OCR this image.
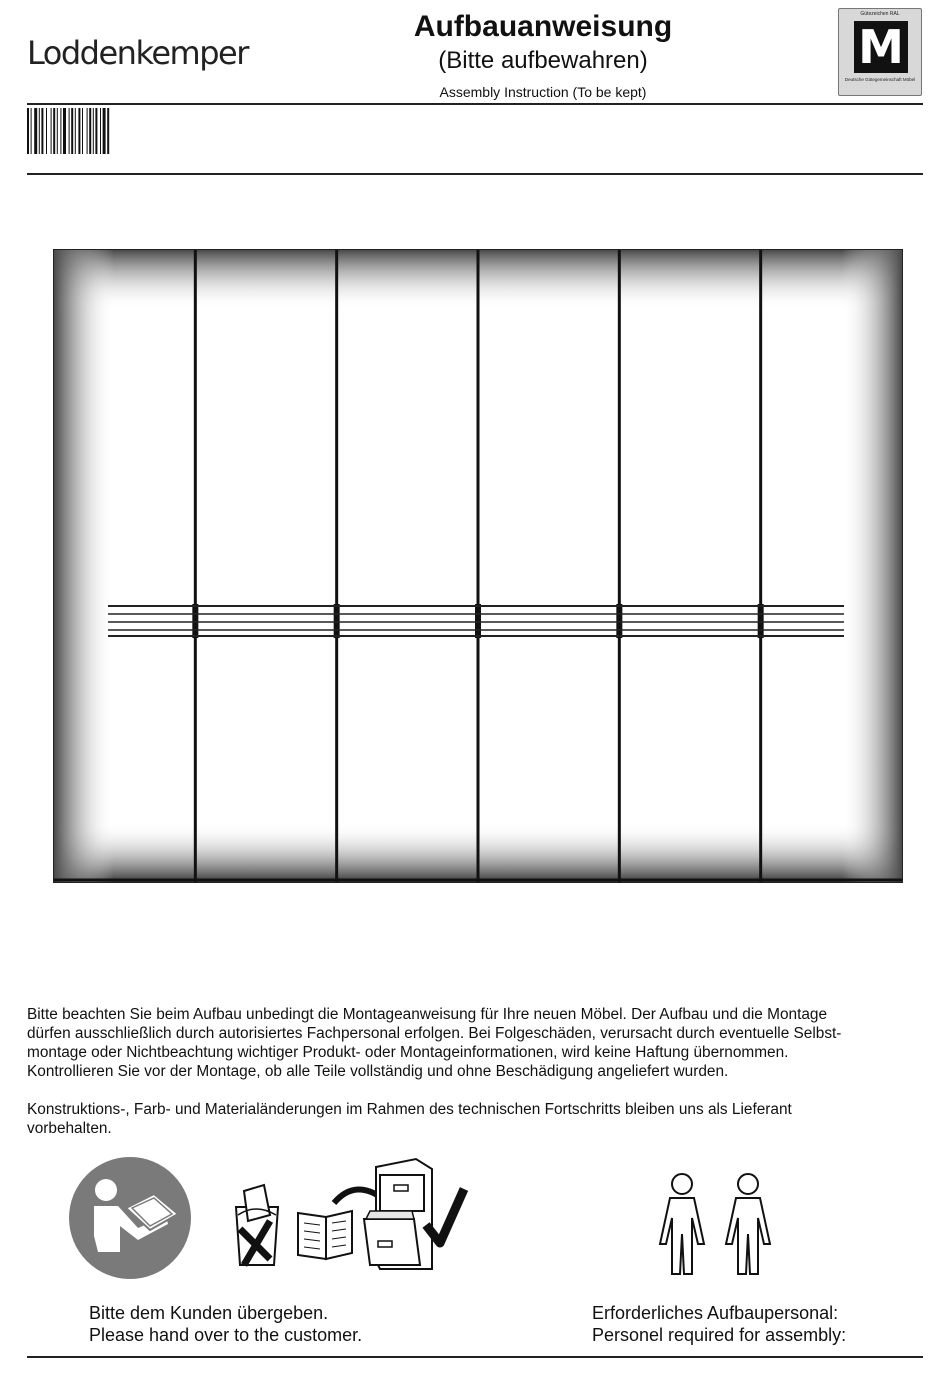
Loddenkemper
Aufbauanweisung
(Bitte aufbewahren)
Assembly Instruction (To be kept)
Gütezeichen RAL
M
Deutsche Gütegemeinschaft Möbel
Bitte beachten Sie beim Aufbau unbedingt die Montageanweisung für Ihre neuen Möbel. Der Aufbau und die Montage
dürfen ausschließlich durch autorisiertes Fachpersonal erfolgen. Bei Folgeschäden, verursacht durch eventuelle Selbst-
montage oder Nichtbeachtung wichtiger Produkt- oder Montageinformationen, wird keine Haftung übernommen.
Kontrollieren Sie vor der Montage, ob alle Teile vollständig und ohne Beschädigung angeliefert wurden.
Konstruktions-, Farb- und Materialänderungen im Rahmen des technischen Fortschritts bleiben uns als Lieferant
vorbehalten.
Bitte dem Kunden übergeben.
Please hand over to the customer.
Erforderliches Aufbaupersonal:
Personel required for assembly:
